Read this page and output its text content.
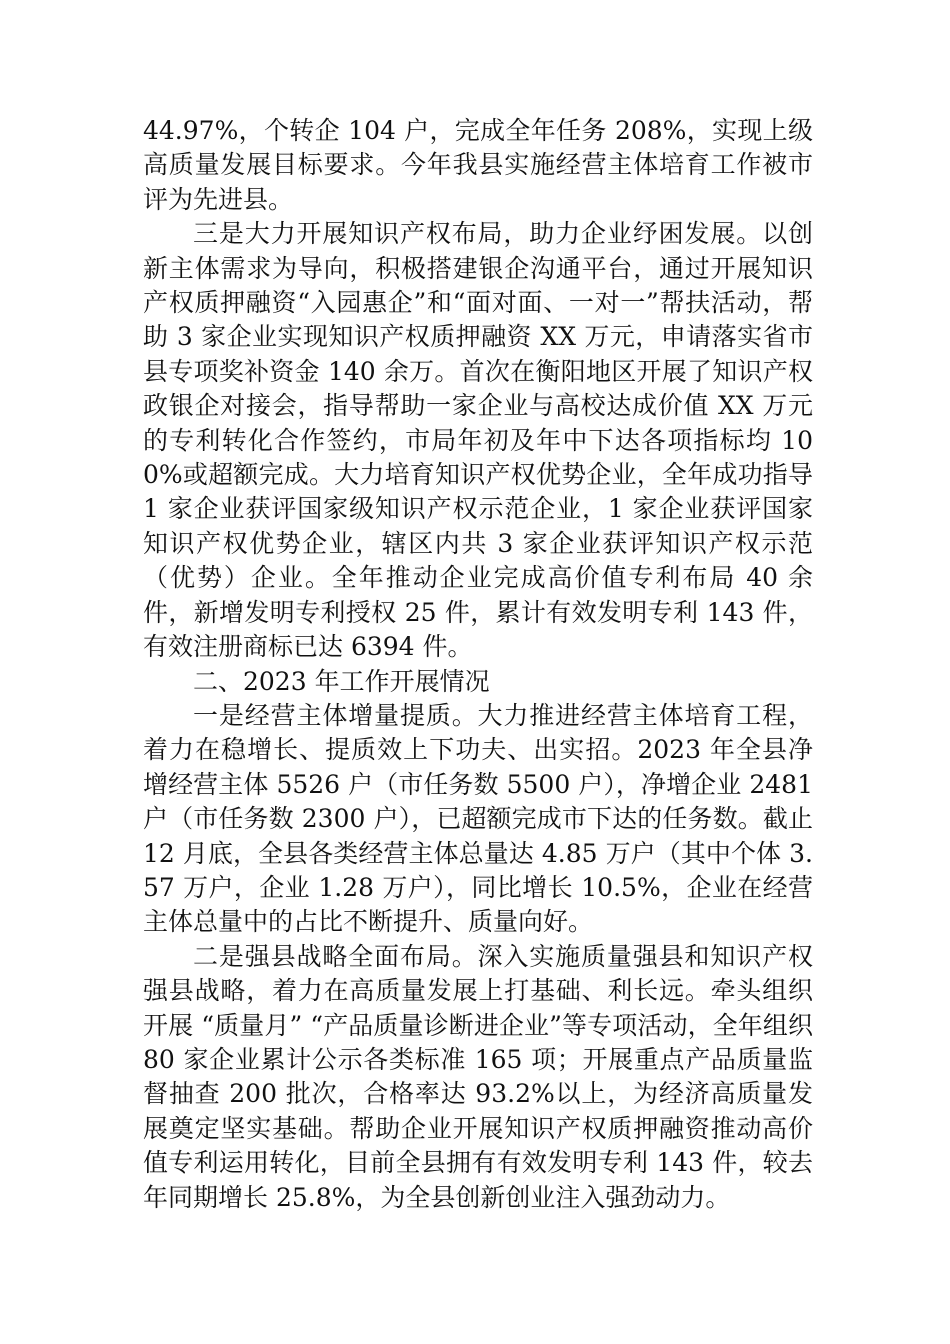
44.97%，个转企 104 户，完成全年任务 208%，实现上级高质量发展目标要求。今年我县实施经营主体培育工作被市评为先进县。

三是大力开展知识产权布局，助力企业纾困发展。以创新主体需求为导向，积极搭建银企沟通平台，通过开展知识产权质押融资“入园惠企”和“面对面、一对一”帮扶活动，帮助 3 家企业实现知识产权质押融资 XX 万元，申请落实省市县专项奖补资金 140 余万。首次在衡阳地区开展了知识产权政银企对接会，指导帮助一家企业与高校达成价值 XX 万元的专利转化合作签约，市局年初及年中下达各项指标均 100%或超额完成。大力培育知识产权优势企业，全年成功指导 1 家企业获评国家级知识产权示范企业，1 家企业获评国家知识产权优势企业，辖区内共 3 家企业获评知识产权示范（优势）企业。全年推动企业完成高价值专利布局 40 余件，新增发明专利授权 25 件，累计有效发明专利 143 件，有效注册商标已达 6394 件。

二、2023 年工作开展情况

一是经营主体增量提质。大力推进经营主体培育工程，着力在稳增长、提质效上下功夫、出实招。2023 年全县净增经营主体 5526 户（市任务数 5500 户），净增企业 2481 户（市任务数 2300 户），已超额完成市下达的任务数。截止 12 月底，全县各类经营主体总量达 4.85 万户（其中个体 3.57 万户，企业 1.28 万户），同比增长 10.5%，企业在经营主体总量中的占比不断提升、质量向好。

二是强县战略全面布局。深入实施质量强县和知识产权强县战略，着力在高质量发展上打基础、利长远。牵头组织开展 “质量月” “产品质量诊断进企业”等专项活动，全年组织 80 家企业累计公示各类标准 165 项；开展重点产品质量监督抽查 200 批次，合格率达 93.2%以上，为经济高质量发展奠定坚实基础。帮助企业开展知识产权质押融资推动高价值专利运用转化，目前全县拥有有效发明专利 143 件，较去年同期增长 25.8%，为全县创新创业注入强劲动力。
